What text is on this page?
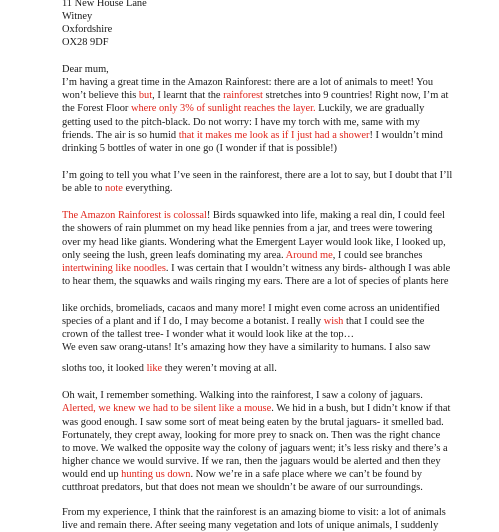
11 New House Lane
Witney
Oxfordshire
OX28 9DF
Dear mum,
I’m having a great time in the Amazon Rainforest: there are a lot of animals to meet! You
won’t believe this but, I learnt that the rainforest stretches into 9 countries! Right now, I’m at
the Forest Floor where only 3% of sunlight reaches the layer. Luckily, we are gradually
getting used to the pitch-black. Do not worry: I have my torch with me, same with my
friends. The air is so humid that it makes me look as if I just had a shower! I wouldn’t mind
drinking 5 bottles of water in one go (I wonder if that is possible!)
I’m going to tell you what I’ve seen in the rainforest, there are a lot to say, but I doubt that I’ll
be able to note everything.
The Amazon Rainforest is colossal! Birds squawked into life, making a real din, I could feel
the showers of rain plummet on my head like pennies from a jar, and trees were towering
over my head like giants. Wondering what the Emergent Layer would look like, I looked up,
only seeing the lush, green leafs dominating my area. Around me, I could see branches
intertwining like noodles. I was certain that I wouldn’t witness any birds- although I was able
to hear them, the squawks and wails ringing my ears. There are a lot of species of plants here
like orchids, bromeliads, cacaos and many more! I might even come across an unidentified
species of a plant and if I do, I may become a botanist. I really wish that I could see the
crown of the tallest tree- I wonder what it would look like at the top…
We even saw orang-utans! It’s amazing how they have a similarity to humans. I also saw
sloths too, it looked like they weren’t moving at all.
Oh wait, I remember something. Walking into the rainforest, I saw a colony of jaguars.
Alerted, we knew we had to be silent like a mouse. We hid in a bush, but I didn’t know if that
was good enough. I saw some sort of meat being eaten by the brutal jaguars- it smelled bad.
Fortunately, they crept away, looking for more prey to snack on. Then was the right chance
to move. We walked the opposite way the colony of jaguars went; it’s less risky and there’s a
higher chance we would survive. If we ran, then the jaguars would be alerted and then they
would end up hunting us down. Now we’re in a safe place where we can’t be found by
cutthroat predators, but that does not mean we shouldn’t be aware of our surroundings.
From my experience, I think that the rainforest is an amazing biome to visit: a lot of animals
live and remain there. After seeing many vegetation and lots of unique animals, I suddenly
